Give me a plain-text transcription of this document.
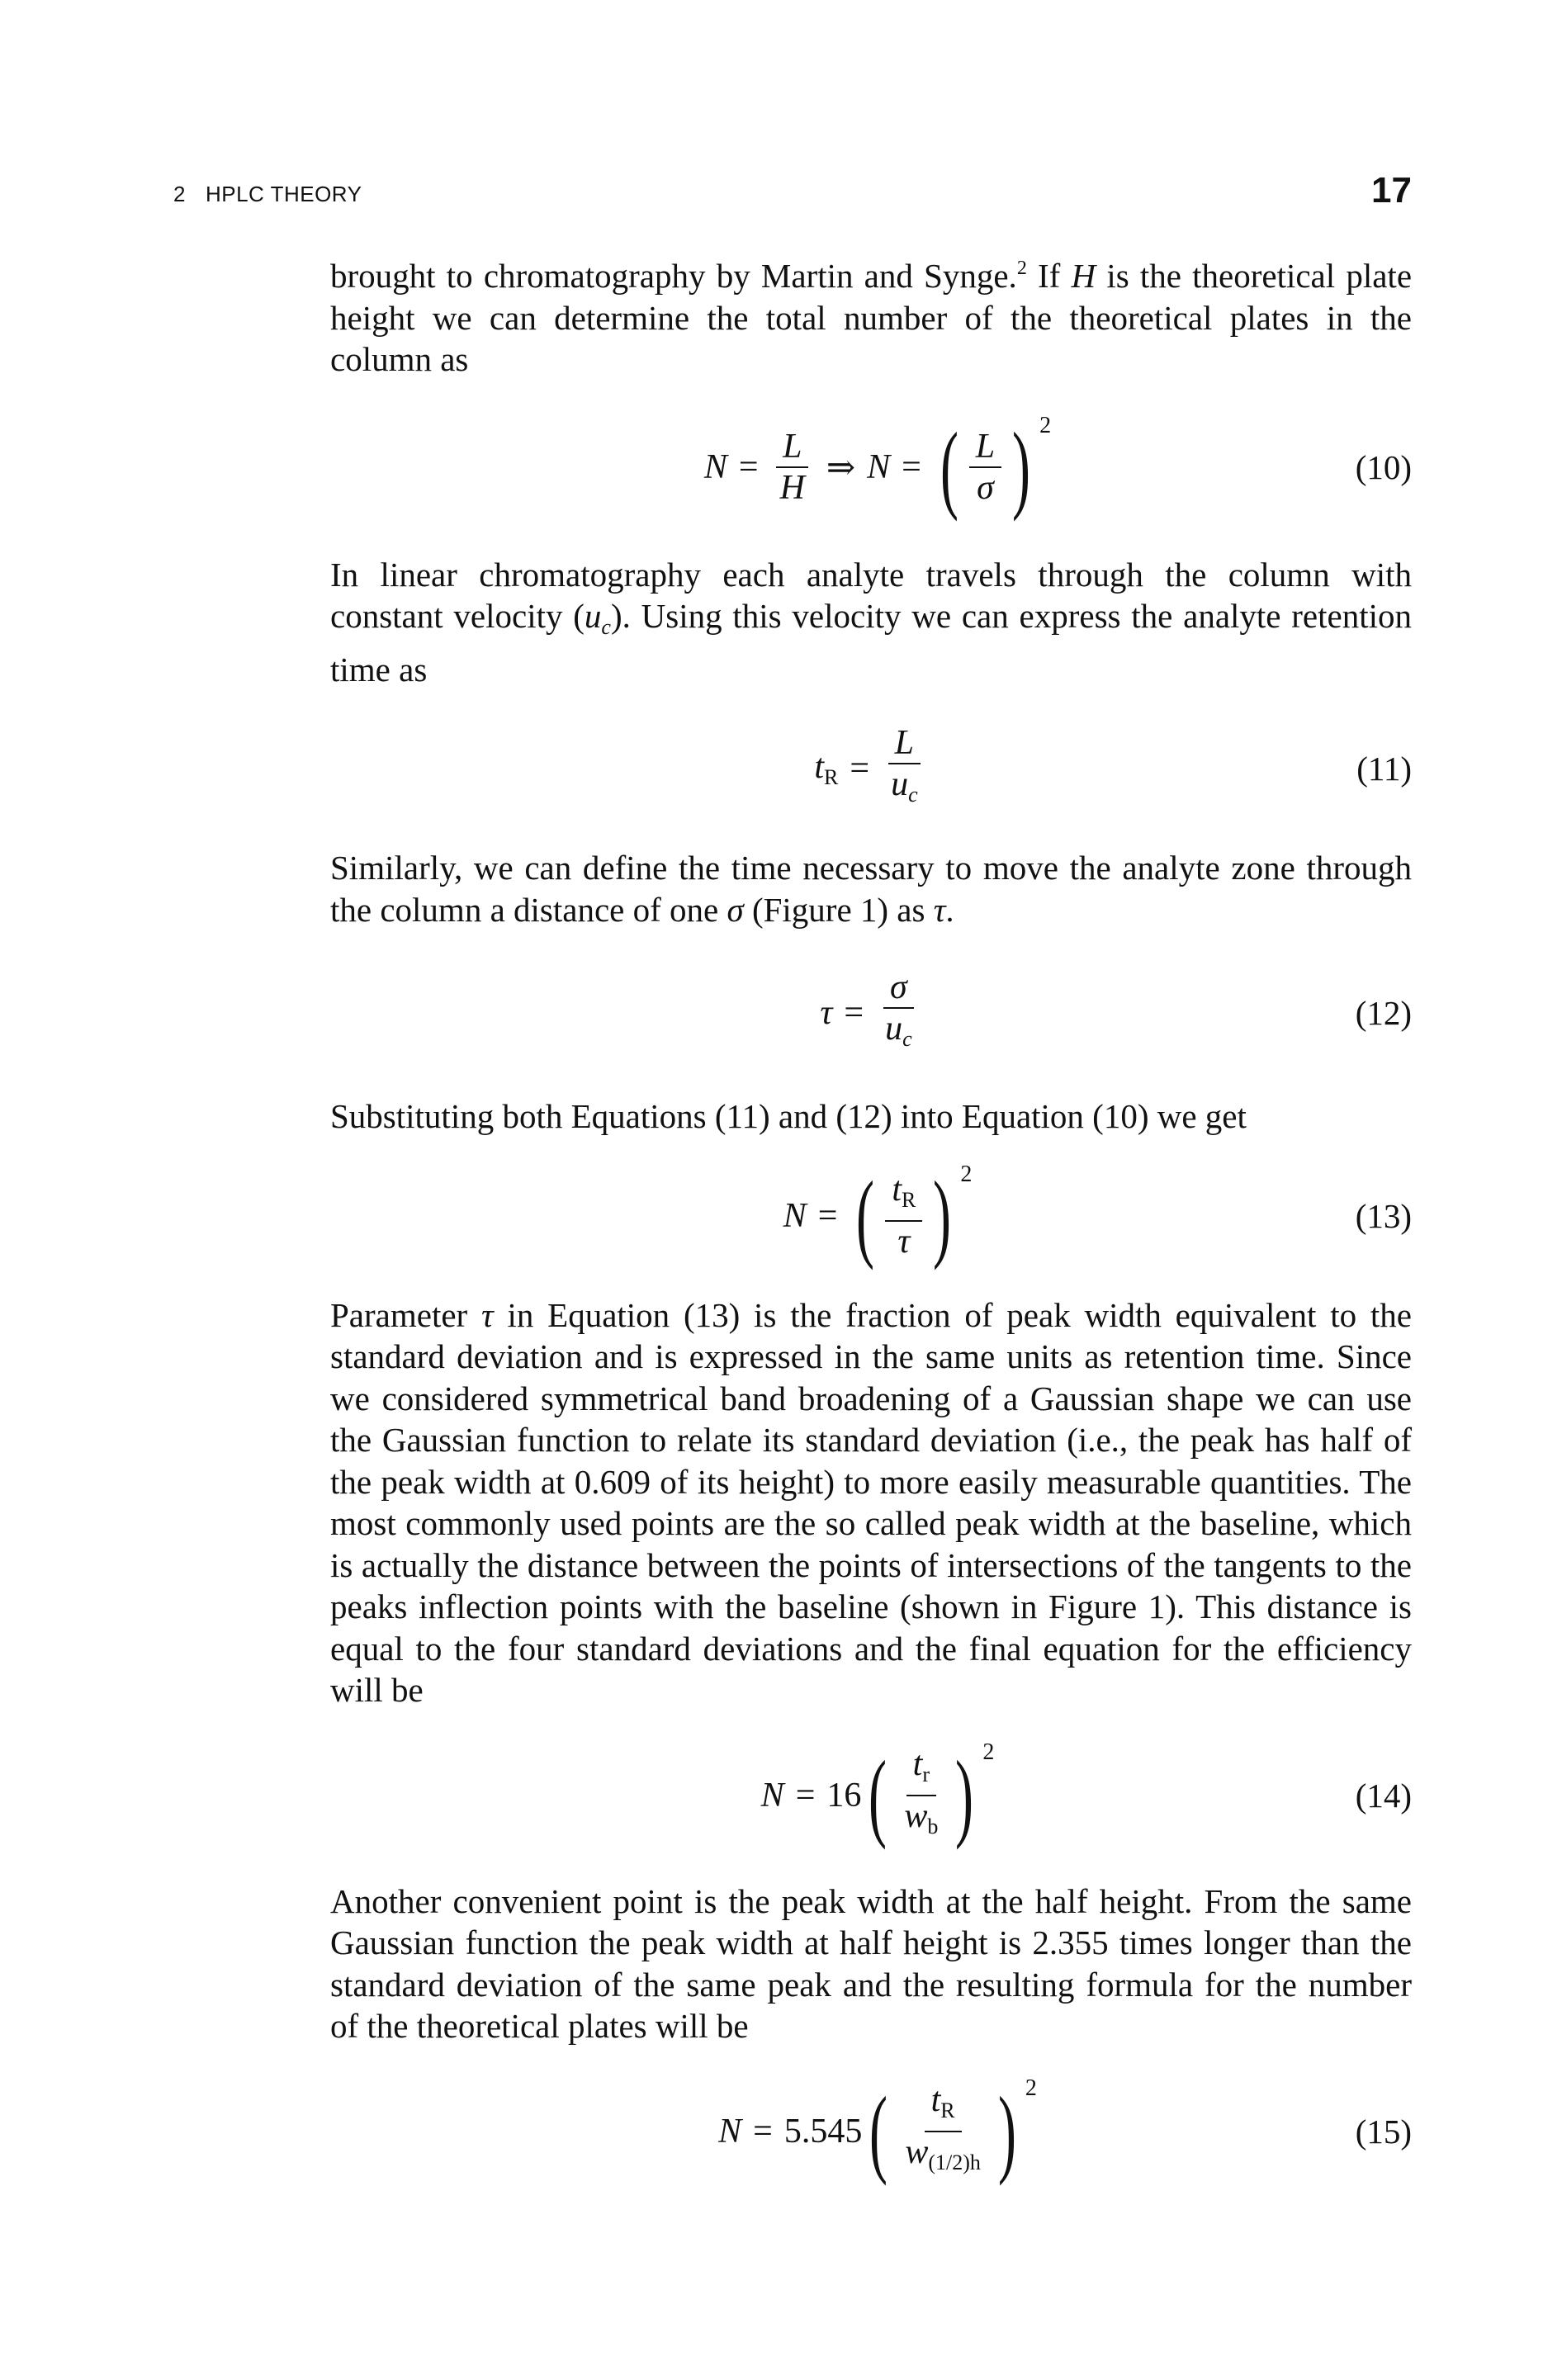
2 HPLC THEORY	17

brought to chromatography by Martin and Synge.$^2$ If H is the theoretical plate height we can determine the total number of the theoretical plates in the column as

$N = \frac{L}{H}$ ⇒ N = ( $\frac{L}{\sigma}$ ) $^2$
(10)

In linear chromatography each analyte travels through the column with constant velocity $(u_c)$. Using this velocity we can express the analyte retention time as

$t_R = \frac{L}{u_c}$	(11)

Similarly, we can define the time necessary to move the analyte zone through the column a distance of one σ (Figure 1) as τ.

$\tau = \frac{\sigma}{u_c}$	(12)

Substituting both Equations (11) and (12) into Equation (10) we get

N = ( $\frac{t_R}{\tau}$ ) $^2$
(13)

Parameter τ in Equation (13) is the fraction of peak width equivalent to the standard deviation and is expressed in the same units as retention time. Since we considered symmetrical band broadening of a Gaussian shape we can use the Gaussian function to relate its standard deviation (i.e., the peak has half of the peak width at 0.609 of its height) to more easily measurable quantities. The most commonly used points are the so called peak width at the baseline, which is actually the distance between the points of intersections of the tangents to the peaks inflection points with the baseline (shown in Figure 1). This distance is equal to the four standard deviations and the final equation for the efficiency will be

N = 16 ( $\frac{t_r}{w_b}$ ) $^2$
(14)

Another convenient point is the peak width at the half height. From the same Gaussian function the peak width at half height is 2.355 times longer than the standard deviation of the same peak and the resulting formula for the number of the theoretical plates will be

N = 5.545 ( $\frac{t_R}{w_{(1/2)h}}$ ) $^2$
(15)
